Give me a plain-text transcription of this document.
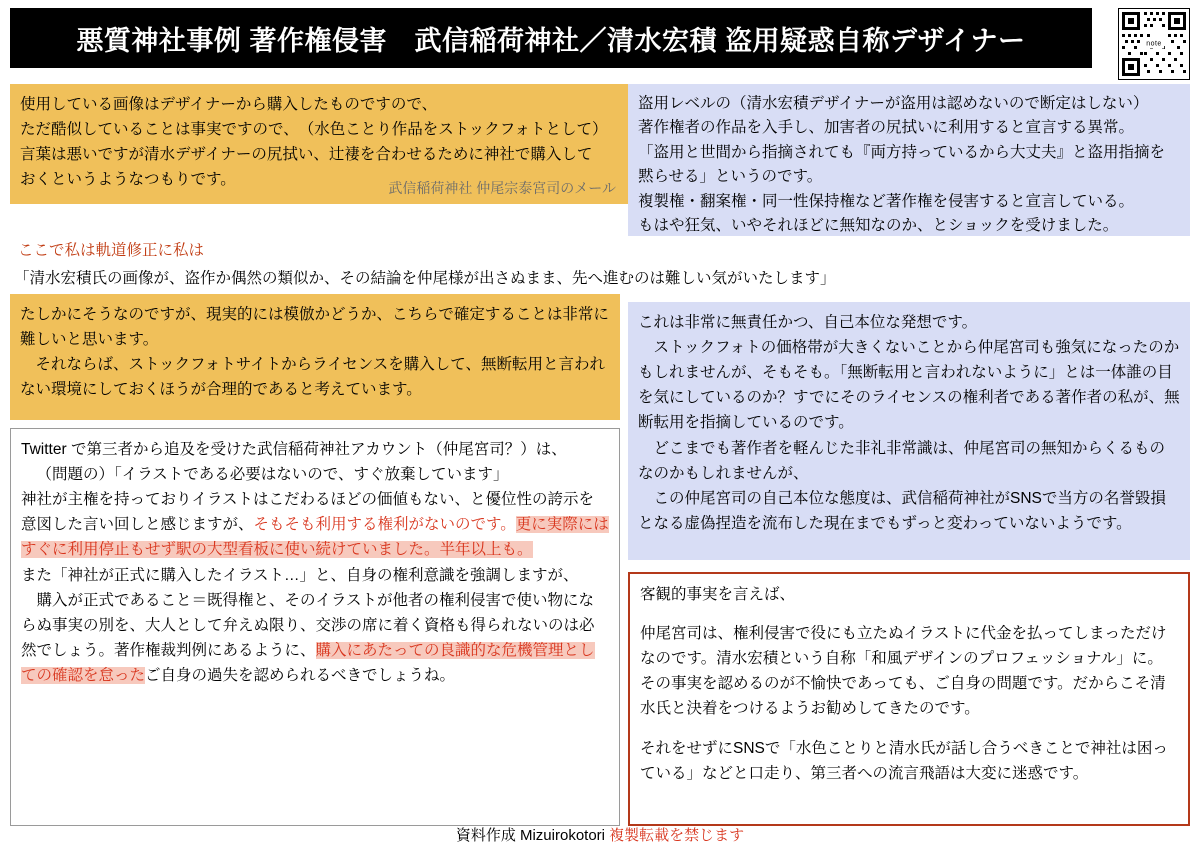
悪質神社事例 著作権侵害　武信稲荷神社／清水宏積 盗用疑惑自称デザイナー	note

使用している画像はデザイナーから購入したものですので、

ただ酷似していることは事実ですので、　（水色ことり作品をストックフォトとして）

言葉は悪いですが清水デザイナーの尻拭い、辻褄を合わせるために神社で購入して

おくというようなつもりです。	武信稲荷神社 仲尾宗泰宮司のメール

盗用レベルの（清水宏積デザイナーが盗用は認めないので断定はしない）

著作権者の作品を入手し、加害者の尻拭いに利用すると宣言する異常。

「盗用と世間から指摘されても『両方持っているから大丈夫』と盗用指摘を黙らせる」というのです。

複製権・翻案権・同一性保持権など著作権を侵害すると宣言している。

もはや狂気、いやそれほどに無知なのか、とショックを受けました。

ここで私は軌道修正に私は
「清水宏積氏の画像が、盗作か偶然の類似か、その結論を仲尾様が出さぬまま、先へ進むのは難しい気がいたします」

たしかにそうなのですが、現実的には模倣かどうか、こちらで確定することは非常に難しいと思います。

それならば、ストックフォトサイトからライセンスを購入して、無断転用と言われない環境にしておくほうが合理的であると考えています。

これは非常に無責任かつ、自己本位な発想です。

ストックフォトの価格帯が大きくないことから仲尾宮司も強気になったのかもしれませんが、そもそも。「無断転用と言われないように」とは一体誰の目を気にしているのか？すでにそのライセンスの権利者である著作者の私が、無断転用を指摘しているのです。

どこまでも著作者を軽んじた非礼非常識は、仲尾宮司の無知からくるものなのかもしれませんが、

この仲尾宮司の自己本位な態度は、武信稲荷神社がSNSで当方の名誉毀損となる虚偽捏造を流布した現在までもずっと変わっていないようです。

Twitter で第三者から追及を受けた武信稲荷神社アカウント（仲尾宮司？）は、

（問題の）「イラストである必要はないので、すぐ放棄しています」

神社が主権を持っておりイラストはこだわるほどの価値もない、と優位性の誇示を意図した言い回しと感じますが、そもそも利用する権利がないのです。更に実際にはすぐに利用停止もせず駅の大型看板に使い続けていました。半年以上も。

また「神社が正式に購入したイラスト…」と、自身の権利意識を強調しますが、

購入が正式であること＝既得権と、そのイラストが他者の権利侵害で使い物にならぬ事実の別を、大人として弁えぬ限り、交渉の席に着く資格も得られないのは必然でしょう。著作権裁判例にあるように、購入にあたっての良識的な危機管理としての確認を怠ったご自身の過失を認められるべきでしょうね。

客観的事実を言えば、

仲尾宮司は、権利侵害で役にも立たぬイラストに代金を払ってしまっただけなのです。清水宏積という自称「和風デザインのプロフェッショナル」に。その事実を認めるのが不愉快であっても、ご自身の問題です。だからこそ清水氏と決着をつけるようお勧めしてきたのです。

それをせずにSNSで「水色ことりと清水氏が話し合うべきことで神社は困っている」などと口走り、第三者への流言飛語は大変に迷惑です。

資料作成 Mizuirokotori 複製転載を禁じます
